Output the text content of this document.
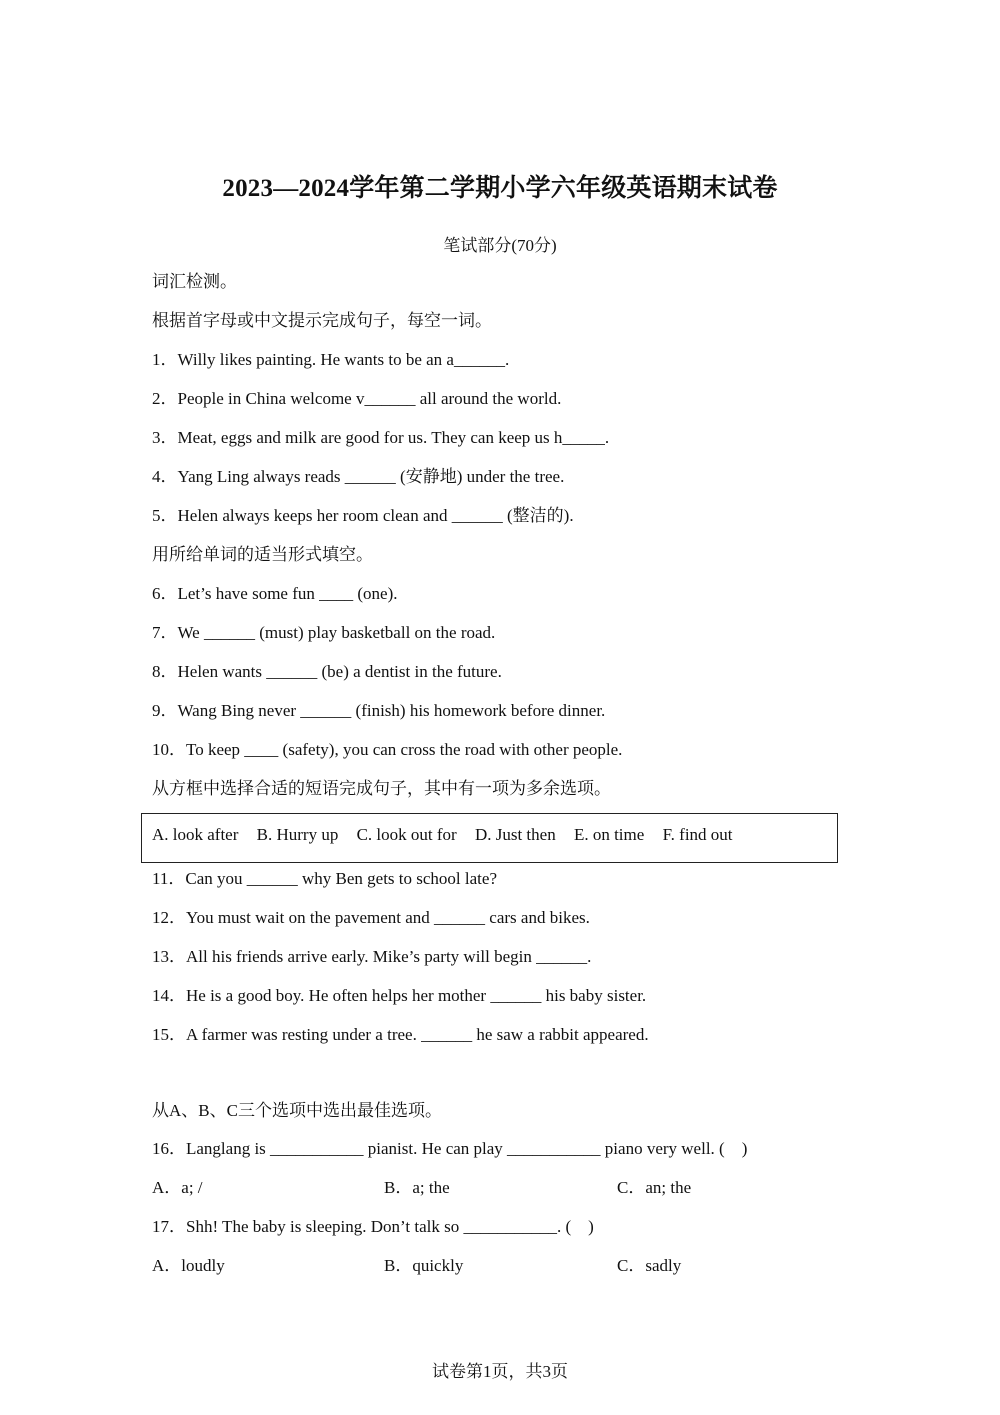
2023—2024学年第二学期小学六年级英语期末试卷
笔试部分(70分)
词汇检测。
根据首字母或中文提示完成句子，每空一词。
1．Willy likes painting. He wants to be an a______.
2．People in China welcome v______ all around the world.
3．Meat, eggs and milk are good for us. They can keep us h_____.
4．Yang Ling always reads ______ (安静地) under the tree.
5．Helen always keeps her room clean and ______ (整洁的).
用所给单词的适当形式填空。
6．Let’s have some fun ____ (one).
7．We ______ (must) play basketball on the road.
8．Helen wants ______ (be) a dentist in the future.
9．Wang Bing never ______ (finish) his homework before dinner.
10．To keep ____ (safety), you can cross the road with other people.
从方框中选择合适的短语完成句子，其中有一项为多余选项。
A. look after B. Hurry up C. look out for D. Just then E. on time F. find out
11．Can you ______ why Ben gets to school late?
12．You must wait on the pavement and ______ cars and bikes.
13．All his friends arrive early. Mike’s party will begin ______.
14．He is a good boy. He often helps her mother ______ his baby sister.
15．A farmer was resting under a tree. ______ he saw a rabbit appeared.
从A、B、C三个选项中选出最佳选项。
16．Langlang is ___________ pianist. He can play ___________ piano very well. (　)
A．a; /	B．a; the	C．an; the
17．Shh! The baby is sleeping. Don’t talk so ___________. (　)
A．loudly	B．quickly	C．sadly
试卷第1页，共3页
